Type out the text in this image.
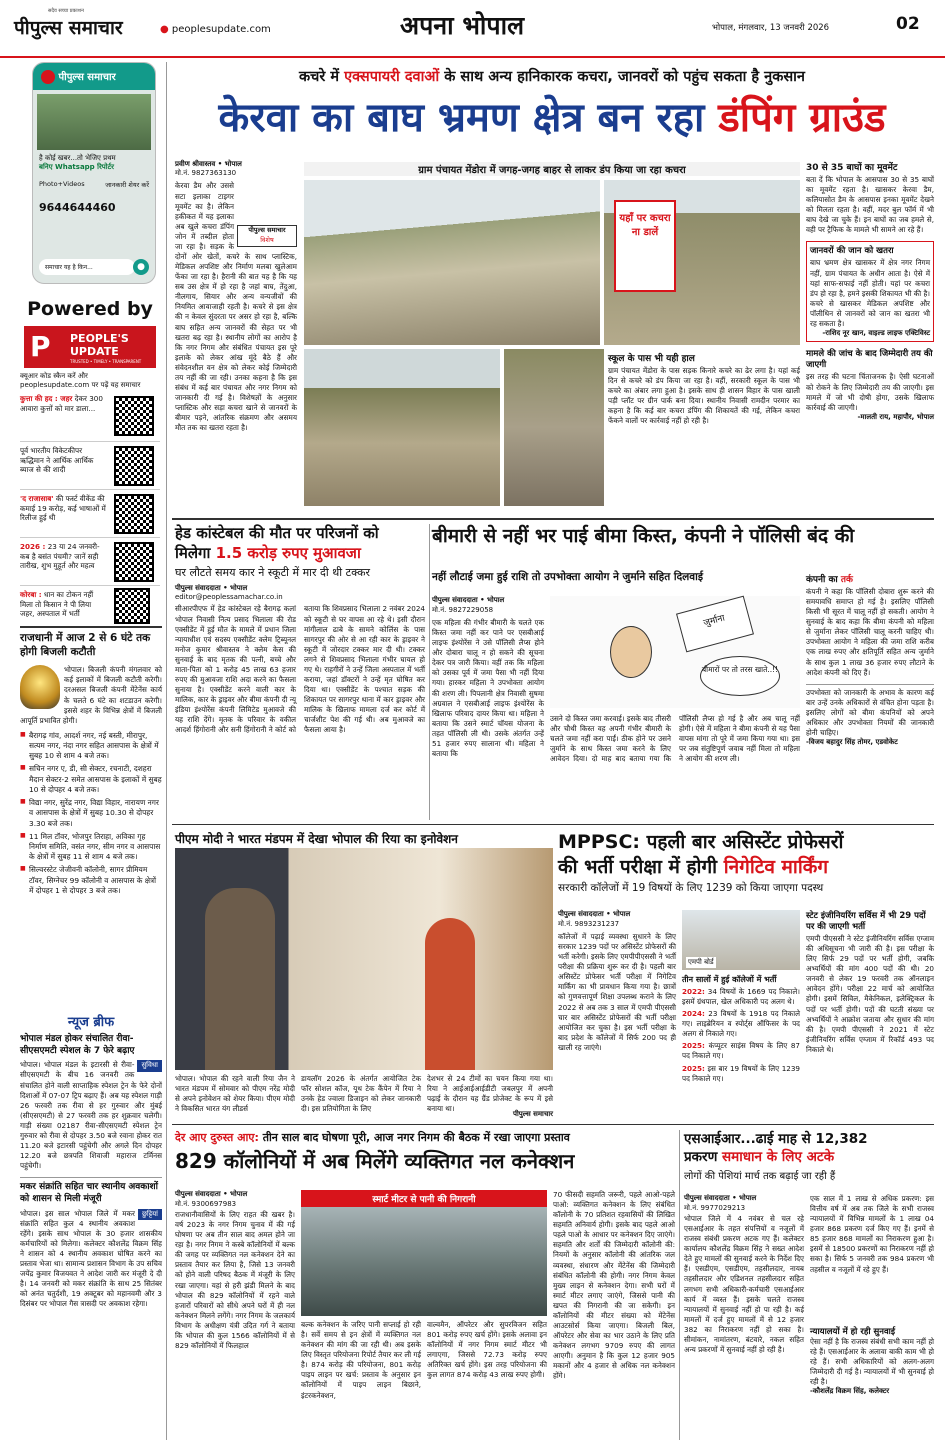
सदैव सच्चा प्रकाशन
पीपुल्स समाचार	● peoplesupdate.com	अपना भोपाल	भोपाल, मंगलवार, 13 जनवरी 2026	02
पीपुल्स समाचार
है कोई खबर...तो भेजिए प्रथम
बनिए Whatsapp रिपोर्टर
Photo+Videos	जानकारी शेयर करें
9644644460
समाचार यह है किन...	●
Powered by
P PEOPLE'S
UPDATE
TRUSTED • TIMELY • TRANSPARENT
क्यूआर कोड स्कैन करें और
peoplesupdate.com पर पढ़ें यह समाचार
कुत्ता की हद : जहर देकर 300 आवारा कुत्तों को मार डाला...
पूर्व भारतीय विकेटकीपर ऋद्धिमान ने आर्थिक आर्थिक ब्याज से की शादी
'द राजासाब' की फर्स्ट वीकेंड की कमाई 19 करोड़, कई भाषाओं में रिलीज हुई थी
2026 : 23 या 24 जनवरी- कब है बसंत पंचमी? जानें सही तारीख, शुभ मुहूर्त और महत्व
कोरबा : धान का टोकन नहीं मिला तो किसान ने पी लिया जहर, अस्पताल में भर्ती
राजधानी में आज 2 से 6 घंटे तक होगी बिजली कटौती
भोपाल। बिजली कंपनी मंगलवार को कई इलाकों में बिजली कटौती करेगी। दरअसल बिजली कंपनी मेंटेनेंस कार्य के चलते 6 घंटे का शटडाउन करेगी। इससे शहर के विभिन्न क्षेत्रों में बिजली आपूर्ति प्रभावित होगी।
■ बैरागढ़ गांव, आदर्श नगर, नई बस्ती, मीरापुर, सत्यम नगर, नंदा नगर सहित आसपास के क्षेत्रों में सुबह 10 से शाम 4 बजे तक।
■ सचिन नगर ए, डी, सी सेक्टर, रचनाटी, दशहरा मैदान सेक्टर-2 समेत आसपास के इलाकों में सुबह 10 से दोपहर 4 बजे तक।
■ विद्या नगर, सुरेंद्र नगर, विद्या विहार, नारायण नगर व आसपास के क्षेत्रों में सुबह 10.30 से दोपहर 3.30 बजे तक।
■ 11 मिल टॉवर, भोजपुर तिराहा, अविका गृह निर्माण समिति, वसंत नगर, सीम नगर व आसपास के क्षेत्रों में सुबह 11 से शाम 4 बजे तक।
■ सिल्वरस्टेट जेजीवनी कॉलोनी, सागर प्रीमियम टॉवर, सिग्नेचर 99 कॉलोनी व आसपास के क्षेत्रों में दोपहर 1 से दोपहर 3 बजे तक।
न्यूज ब्रीफ
भोपाल मंडल होकर संचालित रीवा-सीएसएमटी स्पेशल के 7 फेरे बढ़ाए
सुविधा
भोपाल। भोपाल मंडल के इटारसी से रीवा-सीएसएमटी के बीच 16 जनवरी तक संचालित होने वाली साप्ताहिक स्पेशल ट्रेन के फेरे दोनों दिशाओं में 07-07 ट्रिप बढ़ाए हैं। अब यह स्पेशल गाड़ी 26 फरवरी तक रीवा से हर गुरुवार और मुंबई (सीएसएमटी) से 27 फरवरी तक हर शुक्रवार चलेगी। गाड़ी संख्या 02187 रीवा-सीएसएमटी स्पेशल ट्रेन गुरुवार को रीवा से दोपहर 3.50 बजे रवाना होकर रात 11.20 बजे इटारसी पहुंचेगी और अगले दिन दोपहर 12.20 बजे छत्रपति शिवाजी महाराज टर्मिनस पहुंचेगी।
मकर संक्रांति सहित चार स्थानीय अवकाशों को शासन से मिली मंजूरी
छुट्टियां
भोपाल। इस साल भोपाल जिले में मकर संक्रांति सहित कुल 4 स्थानीय अवकाश रहेंगे। इसके साथ भोपाल के 30 हजार शासकीय कर्मचारियों को मिलेगा। कलेक्टर कौशलेंद्र विक्रम सिंह ने शासन को 4 स्थानीय अवकाश घोषित करने का प्रस्ताव भेजा था। सामान्य प्रशासन विभाग के उप सचिव जयेंद्र कुमार विजयवत ने आदेश जारी कर मंजूरी दे दी है। 14 जनवरी को मकर संक्रांति के साथ 25 सितंबर को अनंत चतुर्दशी, 19 अक्टूबर को महानवमी और 3 दिसंबर पर भोपाल गैस त्रासदी पर अवकाश रहेगा।
कचरे में एक्सपायरी दवाओं के साथ अन्य हानिकारक कचरा, जानवरों को पहुंच सकता है नुकसान
केरवा का बाघ भ्रमण क्षेत्र बन रहा डंपिंग ग्राउंड
प्रवीण श्रीवास्तव • भोपाल
मो.नं. 9827363130
पीपुल्स समाचार
विशेष
केरवा डैम और उससे सटा इलाका टाइगर मूवमेंट का है। लेकिन हकीकत में यह इलाका अब खुले कचरा डंपिंग जोन में तब्दील होता जा रहा है। सड़क के दोनों ओर खेतों, कचरे के साथ प्लास्टिक, मेडिकल अपशिष्ट और निर्माण मलबा खुलेआम फेंका जा रहा है। हैरानी की बात यह है कि यह सब उस क्षेत्र में हो रहा है जहां बाघ, तेंदुआ, नीलगाय, सियार और अन्य वन्यजीवों की नियमित आवाजाही रहती है। कचरे से इस क्षेत्र की न केवल सुंदरता पर असर हो रहा है, बल्कि बाघ सहित अन्य जानवरों की सेहत पर भी खतरा बढ़ रहा है। स्थानीय लोगों का आरोप है कि नगर निगम और संबंधित पंचायत इस पूरे इलाके को लेकर आंख मूंदे बैठे हैं और संवेदनशील वन क्षेत्र को लेकर कोई जिम्मेदारी तय नहीं की जा रही। उनका कहना है कि इस संबंध में कई बार पंचायत और नगर निगम को जानकारी दी गई है। विशेषज्ञों के अनुसार प्लास्टिक और सड़ा कचरा खाने से जानवरों के बीमार पड़ने, आंतरिक संक्रमण और असमय मौत तक का खतरा रहता है।
ग्राम पंचायत मेंडोरा में जगह-जगह बाहर से लाकर डंप किया जा रहा कचरा
यहाँ पर कचरा ना डालें
30 से 35 बाघों का मूवमेंट
बता दें कि भोपाल के आसपास 30 से 35 बाघों का मूवमेंट रहता है। खासकर केरवा डैम, कलियासोत डैम के आसपास इनका मूवमेंट देखने को मिलता रहता है। वहीं, मदर बुल फॉर्म में भी बाघ देखे जा चुके हैं। इन बाघों का जब हमले से, वही पर ट्रैफिक के मामले भी सामने आ रहे हैं।
जानवरों की जान को खतरा
बाघ भ्रमण क्षेत्र खासकर में क्षेत्र नगर निगम नहीं, ग्राम पंचायत के अधीन आता है। ऐसे में यहां साफ-सफाई नहीं होती। यहां पर कचरा डंप हो रहा है, हमने इसकी शिकायत भी की है। कचरे से खासकर मेडिकल अपशिष्ट और पॉलीथिन से जानवरों को जान का खतरा भी रह सकता है।
-राशिद नूर खान, वाइल्ड लाइफ एक्टिविस्ट
मामले की जांच के बाद जिम्मेदारी तय की जाएगी
इस तरह की घटना चिंताजनक है। ऐसी घटनाओं को रोकने के लिए जिम्मेदारी तय की जाएगी। इस मामले में जो भी दोषी होगा, उसके खिलाफ कार्रवाई की जाएगी।
-मालती राय, महापौर, भोपाल
हेड कांस्टेबल की मौत पर परिजनों को
मिलेगा 1.5 करोड़ रुपए मुआवजा
घर लौटते समय कार ने स्कूटी में मार दी थी टक्कर
पीपुल्स संवाददाता • भोपाल
editor@peoplessamachar.co.in
सीआरपीएफ में हेड कांस्टेबल रहे बैरागढ़ कलां भोपाल निवासी नित्य प्रसाद भिलाला की रोड एक्सीडेंट में हुई मौत के मामले में प्रधान जिला न्यायाधीश एवं सदस्य एक्सीडेंट क्लेम ट्रिब्यूनल मनोज कुमार श्रीवास्तव ने क्लेम केस की सुनवाई के बाद मृतक की पत्नी, बच्चे और माता-पिता को 1 करोड़ 45 लाख 63 हजार रुपए की मुआवजा राशि अदा करने का फैसला सुनाया है। एक्सीडेंट करने वाली कार के मालिक, कार के ड्राइवर और बीमा कंपनी दी न्यू इंडिया इंश्योरेंस कंपनी लिमिटेड मुआवजे की यह राशि देंगे। मृतक के परिवार के वकील आदर्श हिंगोरानी और सनी हिंगोरानी ने कोर्ट को बताया कि शिवप्रसाद भिलाला 2 नवंबर 2024 को स्कूटी से घर वापस आ रहे थे। इसी दौरान मांगीलाल ढाबे के सामने कोलिंस के पास सागरपुर की ओर से आ रही कार के ड्राइवर ने स्कूटी में जोरदार टक्कर मार दी थी। टक्कर लगने से शिवप्रसाद भिलाला गंभीर घायल हो गए थे। राहगीरों ने उन्हें जिला अस्पताल में भर्ती कराया, जहां डॉक्टरों ने उन्हें मृत घोषित कर दिया था। एक्सीडेंट के पश्चात सड़क की शिकायत पर सागरपुर थाना में कार ड्राइवर और मालिक के खिलाफ मामला दर्ज कर कोर्ट में चार्जशीट पेश की गई थी। अब मुआवजे का फैसला आया है।
बीमारी से नहीं भर पाई बीमा किस्त, कंपनी ने पॉलिसी बंद की
नहीं लौटाई जमा हुई राशि तो उपभोक्ता आयोग ने जुर्माने सहित दिलवाई
पीपुल्स संवाददाता • भोपाल
मो.नं. 9827229058
एक महिला की गंभीर बीमारी के चलते एक किस्त जमा नहीं कर पाने पर एसबीआई लाइफ इंश्योरेंस ने उसे पॉलिसी लैप्स होने और दोबारा चालू न हो सकने की सूचना देकर पत्र जारी किया। वहीं तक कि महिला को उसका पूर्व में जमा पैसा भी नहीं दिया गया। हारकर महिला ने उपभोक्ता आयोग की शरण ली। पिपलानी क्षेत्र निवासी सुषमा अग्रवाल ने एसबीआई लाइफ इंश्योरेंस के खिलाफ परिवाद दायर किया था। महिला ने बताया कि उसने स्मार्ट चॉयस योजना के तहत पॉलिसी ली थी। उसके अंतर्गत उन्हें 51 हजार रुपए सालाना थी। महिला ने बताया कि
जुर्माना
बीमारों पर तो तरस खाते..!!
उसने दो किस्त जमा करवाई। इसके बाद तीसरी और चौथी किस्त वह अपनी गंभीर बीमारी के चलते जमा नहीं करा पाईं। ठीक होने पर उसने जुर्माने के साथ किस्त जमा करने के लिए आवेदन दिया। दो माह बाद बताया गया कि पॉलिसी लैप्स हो गई है और अब चालू नहीं होगी। ऐसे में महिला ने बीमा कंपनी से यह पैसा वापस मांगा तो पूरे में जमा किया गया था। इस पर जब संतुष्टिपूर्ण जवाब नहीं मिला तो महिला ने आयोग की शरण ली।
कंपनी का तर्क
कंपनी ने कहा कि पॉलिसी दोबारा शुरू करने की समयावधि समाप्त हो गई है। इसलिए पॉलिसी किसी भी सूरत में चालू नहीं हो सकती। आयोग ने सुनवाई के बाद कहा कि बीमा कंपनी को महिला से जुर्माना लेकर पॉलिसी चालू करनी चाहिए थी। उपभोक्ता आयोग ने महिला की जमा राशि करीब एक लाख रुपए और क्षतिपूर्ति सहित अन्य जुर्माने के साथ कुल 1 लाख 36 हजार रुपए लौटाने के आदेश कंपनी को दिए हैं।
उपभोक्ता को जानकारी के अभाव के कारण कई बार उन्हें उनके अधिकारों से वंचित होना पड़ता है। इसलिए लोगों को बीमा कंपनियों को अपने अधिकार और उपभोक्ता नियमों की जानकारी होनी चाहिए।
-विजय बहादुर सिंह तोमर, एडवोकेट
पीएम मोदी ने भारत मंडपम में देखा भोपाल की रिया का इनोवेशन
भोपाल। भोपाल की रहने वाली रिया जैन ने भारत मंडपम में सोमवार को पीएम नरेंद्र मोदी से अपने इनोवेशन को शेयर किया। पीएम मोदी ने विकसित भारत यंग लीडर्स
डायलॉग 2026 के अंतर्गत आयोजित टेक फॉर सोशल कॉज, यूथ टेक कैंपेन में रिया ने उनके हेड ज्वाला डिजाइन को लेकर जानकारी दी। इस प्रतियोगिता के लिए
देशभर से 24 टीमों का चयन किया गया था। रिया ने आईआईआईडीटी जबलपुर में अपनी पढ़ाई के दौरान यह ग्रैंड प्रोजेक्ट के रूप में इसे बनाया था।
पीपुल्स समाचार
MPPSC: पहली बार असिस्टेंट प्रोफेसरों
की भर्ती परीक्षा में होगी निगेटिव मार्किंग
सरकारी कॉलेजों में 19 विषयों के लिए 1239 को किया जाएगा पदस्थ
पीपुल्स संवाददाता • भोपाल
मो.नं. 9893231237
कॉलेजों में पढ़ाई व्यवस्था सुधारने के लिए सरकार 1239 पदों पर असिस्टेंट प्रोफेसरों की भर्ती करेगी। इसके लिए एमपीपीएससी ने भर्ती परीक्षा की प्रक्रिया शुरू कर दी है। पहली बार असिस्टेंट प्रोफेसर भर्ती परीक्षा में निगेटिव मार्किंग का भी प्रावधान किया गया है। छात्रों को गुणवत्तापूर्ण शिक्षा उपलब्ध कराने के लिए 2022 से अब तक 3 साल में एमपी पीएससी चार बार असिस्टेंट प्रोफेसरों की भर्ती परीक्षा आयोजित कर चुका है। इस भर्ती परीक्षा के बाद प्रदेश के कॉलेजों में सिर्फ 200 पद ही खाली रह जाएंगे।
एमपी बोर्ड
तीन सालों में हुई कॉलेजों में भर्ती
2022: 34 विषयों के 1669 पद निकाले। इसमें ग्रंथपाल, खेल अधिकारी पद अलग थे।
2024: 23 विषयों के 1918 पद निकाले गए। लाइब्रेरियन व स्पोर्ट्स ऑफिसर के पद अलग से निकाले गए।
2025: कंप्यूटर साइंस विषय के लिए 87 पद निकाले गए।
2025: इस बार 19 विषयों के लिए 1239 पद निकाले गए।
स्टेट इंजीनियरिंग सर्विस में भी 29 पदों पर की जाएगी भर्ती
एमपी पीएससी ने स्टेट इंजीनियरिंग सर्विस एग्जाम की अधिसूचना भी जारी की है। इस परीक्षा के लिए सिर्फ 29 पदों पर भर्ती होगी, जबकि अभ्यर्थियों की मांग 400 पदों की थी। 20 जनवरी से लेकर 19 फरवरी तक ऑनलाइन आवेदन होंगे। परीक्षा 22 मार्च को आयोजित होगी। इसमें सिविल, मैकेनिकल, इलेक्ट्रिकल के पदों पर भर्ती होगी। पदों की घटती संख्या पर अभ्यर्थियों ने आक्रोश जताया और सुधार की मांग की है। एमपी पीएससी ने 2021 में स्टेट इंजीनियरिंग सर्विस एग्जाम में रिकॉर्ड 493 पद निकाले थे।
देर आए दुरुस्त आए: तीन साल बाद घोषणा पूरी, आज नगर निगम की बैठक में रखा जाएगा प्रस्ताव
829 कॉलोनियों में अब मिलेंगे व्यक्तिगत नल कनेक्शन
पीपुल्स संवाददाता • भोपाल
मो.नं. 9300697983
राजधानीवासियों के लिए राहत की खबर है। वर्ष 2023 के नगर निगम चुनाव में की गई घोषणा पर अब तीन साल बाद अमल होने जा रहा है। नगर निगम ने कस्बे कॉलोनियों में बल्क की जगह पर व्यक्तिगत नल कनेक्शन देने का प्रस्ताव तैयार कर लिया है, जिसे 13 जनवरी को होने वाली परिषद बैठक में मंजूरी के लिए रखा जाएगा। यहां से हरी झंडी मिलने के बाद भोपाल की 829 कॉलोनियों में रहने वाले हजारों परिवारों को सीधे अपने घरों में ही नल कनेक्शन मिलने लगेंगे। नगर निगम के जलकार्य विभाग के अधीक्षण यंत्री उदित गर्ग ने बताया कि भोपाल की कुल 1566 कॉलोनियों में से 829 कॉलोनियों में फिलहाल
स्मार्ट मीटर से पानी की निगरानी
बल्क कनेक्शन के जरिए पानी सप्लाई हो रही है। सर्वे समय से इन क्षेत्रों में व्यक्तिगत नल कनेक्शन की मांग की जा रही थी। अब इसके लिए विस्तृत परियोजना रिपोर्ट तैयार कर ली गई है। 874 करोड़ की परियोजना, 801 करोड़ पाइप लाइन पर खर्च: प्रस्ताव के अनुसार इन कॉलोनियों में पाइप लाइन बिछाने, इंटरकनेक्शन,
वाल्वमैन, ऑपरेटर और सुपरविजन सहित 801 करोड़ रुपए खर्च होंगे। इसके अलावा इन कॉलोनियों में नगर निगम स्मार्ट मीटर भी लगाएगा, जिससे 72.73 करोड़ रुपए अतिरिक्त खर्च होंगे। इस तरह परियोजना की कुल लागत 874 करोड़ 43 लाख रुपए होगी।
70 फीसदी सहमति जरूरी, पहले आओ-पहले पाओ: व्यक्तिगत कनेक्शन के लिए संबंधित कॉलोनी के 70 प्रतिशत रहवासियों की लिखित सहमति अनिवार्य होगी। इसके बाद पहले आओ पहले पाओ के आधार पर कनेक्शन दिए जाएंगे। सहमति और शर्तों की जिम्मेदारी कॉलोनी की: नियमों के अनुसार कॉलोनी की आंतरिक जल व्यवस्था, संधारण और मेंटेनेंस की जिम्मेदारी संबंधित कॉलोनी की होगी। नगर निगम केवल मुख्य लाइन से कनेक्शन देगा। सभी घरों में स्मार्ट मीटर लगाए जाएंगे, जिससे पानी की खपत की निगरानी की जा सकेगी। इन कॉलोनियों की मीटर संख्या को मेंटेनेंस आउटसोर्स किया जाएगा। बिजली बिल, ऑपरेटर और सेवा का भार उठाने के लिए प्रति कनेक्शन लगभग 9709 रुपए की लागत आएगी। अनुमान है कि कुल 12 हजार 905 मकानों और 4 हजार से अधिक नल कनेक्शन होंगे।
एसआईआर...ढाई माह से 12,382
प्रकरण समाधान के लिए अटके
लोगों की पेशियां मार्च तक बढ़ाई जा रही हैं
पीपुल्स संवाददाता • भोपाल
मो.नं. 9977029213
भोपाल जिले में 4 नवंबर से चल रहे एसआईआर के तहत संपत्तियों व नजूलों में राजस्व संबंधी प्रकरण अटक गए हैं। कलेक्टर कार्यालय कौशलेंद्र विक्रम सिंह ने सख्त आदेश देते हुए मामलों की सुनवाई करने के निर्देश दिए हैं। एसडीएम, एसडीएम, तहसीलदार, नायब तहसीलदार और एडिशनल तहसीलदार सहित लगभग सभी अधिकारी-कर्मचारी एसआईआर कार्य में व्यस्त हैं। इसके चलते राजस्व न्यायालयों में सुनवाई नहीं हो पा रही है। कई मामलों में दर्ज हुए मामलों में से 12 हजार 382 का निराकरण नहीं हो सका है। सीमांकन, नामांतरण, बंटवारे, नकल सहित अन्य प्रकरणों में सुनवाई नहीं हो रही है।
एक साल में 1 लाख से अधिक प्रकरण: इस वित्तीय वर्ष में अब तक जिले के सभी राजस्व न्यायालयों में विभिन्न मामलों के 1 लाख 04 हजार 868 प्रकरण दर्ज किए गए हैं। इनमें से 85 हजार 868 मामलों का निराकरण हुआ है। इसमें से 18500 प्रकरणों का निराकरण नहीं हो सका है। सिर्फ 5 जनवरी तक 984 प्रकरण भी तहसील व नजूलों में रहे हुए हैं।
न्यायालयों में हो रही सुनवाई
ऐसा नहीं है कि राजस्व संबंधी सभी काम नहीं हो रहे हैं। एसआईआर के अलावा बाकी काम भी हो रहे हैं। सभी अधिकारियों को अलग-अलग जिम्मेदारी दी गई है। न्यायालयों में भी सुनवाई हो रही है।
-कौशलेंद्र विक्रम सिंह, कलेक्टर
स्कूल के पास भी यही हाल
ग्राम पंचायत मेंडोरा के पास सड़क किनारे कचरे का ढेर लगा है। यहां कई दिन से कचरे को डंप किया जा रहा है। वहीं, सरकारी स्कूल के पास भी कचरे का अंबार लगा हुआ है। इसके साथ ही शासन विहार के पास खाली पड़ी प्लॉट पर ग्रीन पार्क बना दिया। स्थानीय निवासी रामदीन परमार का कहना है कि कई बार कचरा डंपिंग की शिकायतें की गई, लेकिन कचरा फेंकने वालों पर कार्रवाई नहीं हो रही है।
